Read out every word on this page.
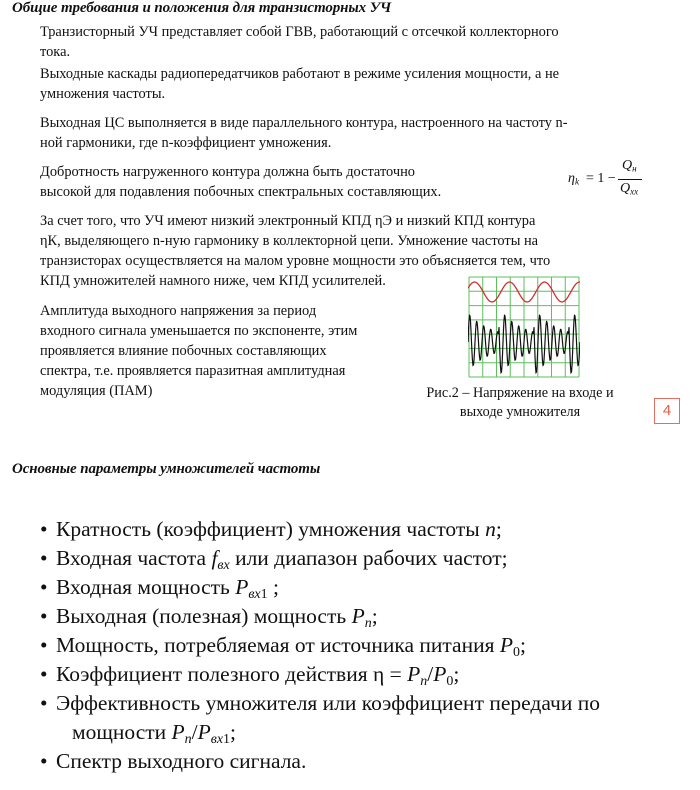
Общие требования и положения для транзисторных УЧ
Транзисторный УЧ представляет собой ГВВ, работающий с отсечкой коллекторного
тока.
Выходные каскады радиопередатчиков работают в режиме усиления мощности, а не
умножения частоты.
Выходная ЦС выполняется в виде параллельного контура, настроенного на частоту n-
ной гармоники, где n-коэффициент умножения.
Добротность нагруженного контура должна быть достаточно
высокой для подавления побочных спектральных составляющих.
$\eta_k = 1$ −
$Q_н$
$Q_{xx}$
За счет того, что УЧ имеют низкий электронный КПД ηЭ и низкий КПД контура
ηК, выделяющего n-ную гармонику в коллекторной цепи. Умножение частоты на
транзисторах осуществляется на малом уровне мощности это объясняется тем, что
КПД умножителей намного ниже, чем КПД усилителей.
Амплитуда выходного напряжения за период
входного сигнала уменьшается по экспоненте, этим
проявляется влияние побочных составляющих
спектра, т.е. проявляется паразитная амплитудная
модуляция (ПАМ)	Рис.2 – Напряжение на входе и
выходе умножителя	4
Основные параметры умножителей частоты
• Кратность (коэффициент) умножения частоты n;
• Входная частота $f_{вх}$ или диапазон рабочих частот;
• Входная мощность $P_{вх1}$ ;
• Выходная (полезная) мощность $P_n$;
• Мощность, потребляемая от источника питания $P_0$;
• Коэффициент полезного действия $\eta = P_n/P_0$;
• Эффективность умножителя или коэффициент передачи по
мощности $P_n/P_{вх1}$;
• Спектр выходного сигнала.
